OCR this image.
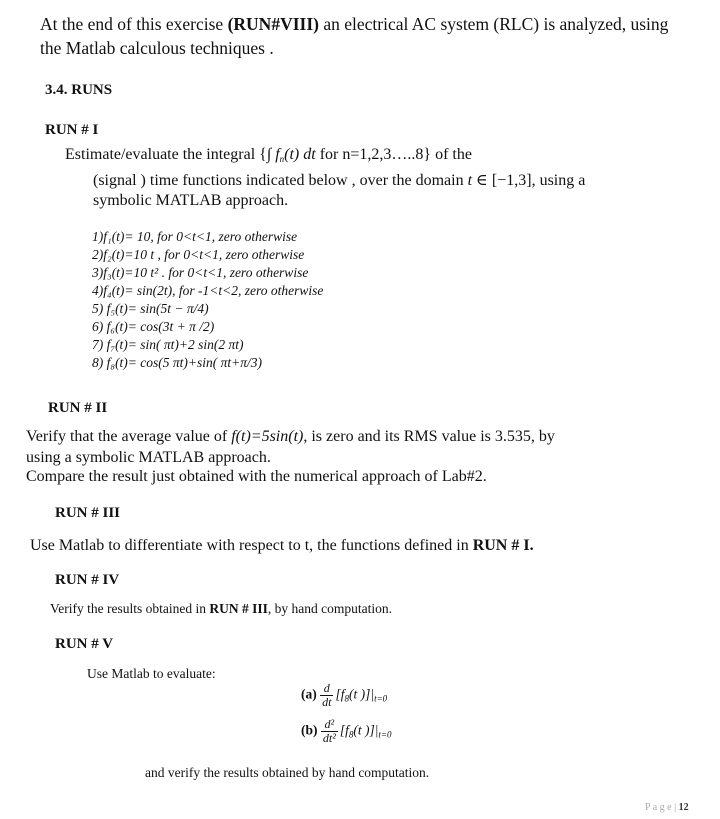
At the end of this exercise (RUN#VIII) an electrical AC system (RLC) is analyzed, using
the Matlab calculous techniques .
3.4. RUNS
RUN # I
Estimate/evaluate the integral {∫ $f_n(t)$ dt for n=1,2,3…..8} of the
(signal ) time functions indicated below , over the domain t ∈ [−1,3], using a
symbolic MATLAB approach.
1)f₁(t)= 10, for 0<t<1, zero otherwise
2)f₂(t)=10 t , for 0<t<1, zero otherwise
3)f₃(t)=10 t² . for 0<t<1, zero otherwise
4)f₄(t)= sin(2t), for -1<t<2, zero otherwise
5) f₅(t)= sin(5t − π/4)
6) f₆(t)= cos(3t + π /2)
7) f₇(t)= sin( πt)+2 sin(2 πt)
8) f₈(t)= cos(5 πt)+sin( πt+π/3)
RUN # II
Verify that the average value of f(t)=5sin(t), is zero and its RMS value is 3.535, by
using a symbolic MATLAB approach.
Compare the result just obtained with the numerical approach of Lab#2.
RUN # III
Use Matlab to differentiate with respect to t, the functions defined in RUN # I.
RUN # IV
Verify the results obtained in RUN # III, by hand computation.
RUN # V
Use Matlab to evaluate:
$(a) \frac{d}{dt} [f_8(t$ )]$|_{t=0}$
$(b) \frac{\text{d²}}{\text{dt²}} [f_8(t$ )]$|_{t=0}$
and verify the results obtained by hand computation.
P a g e | 12
